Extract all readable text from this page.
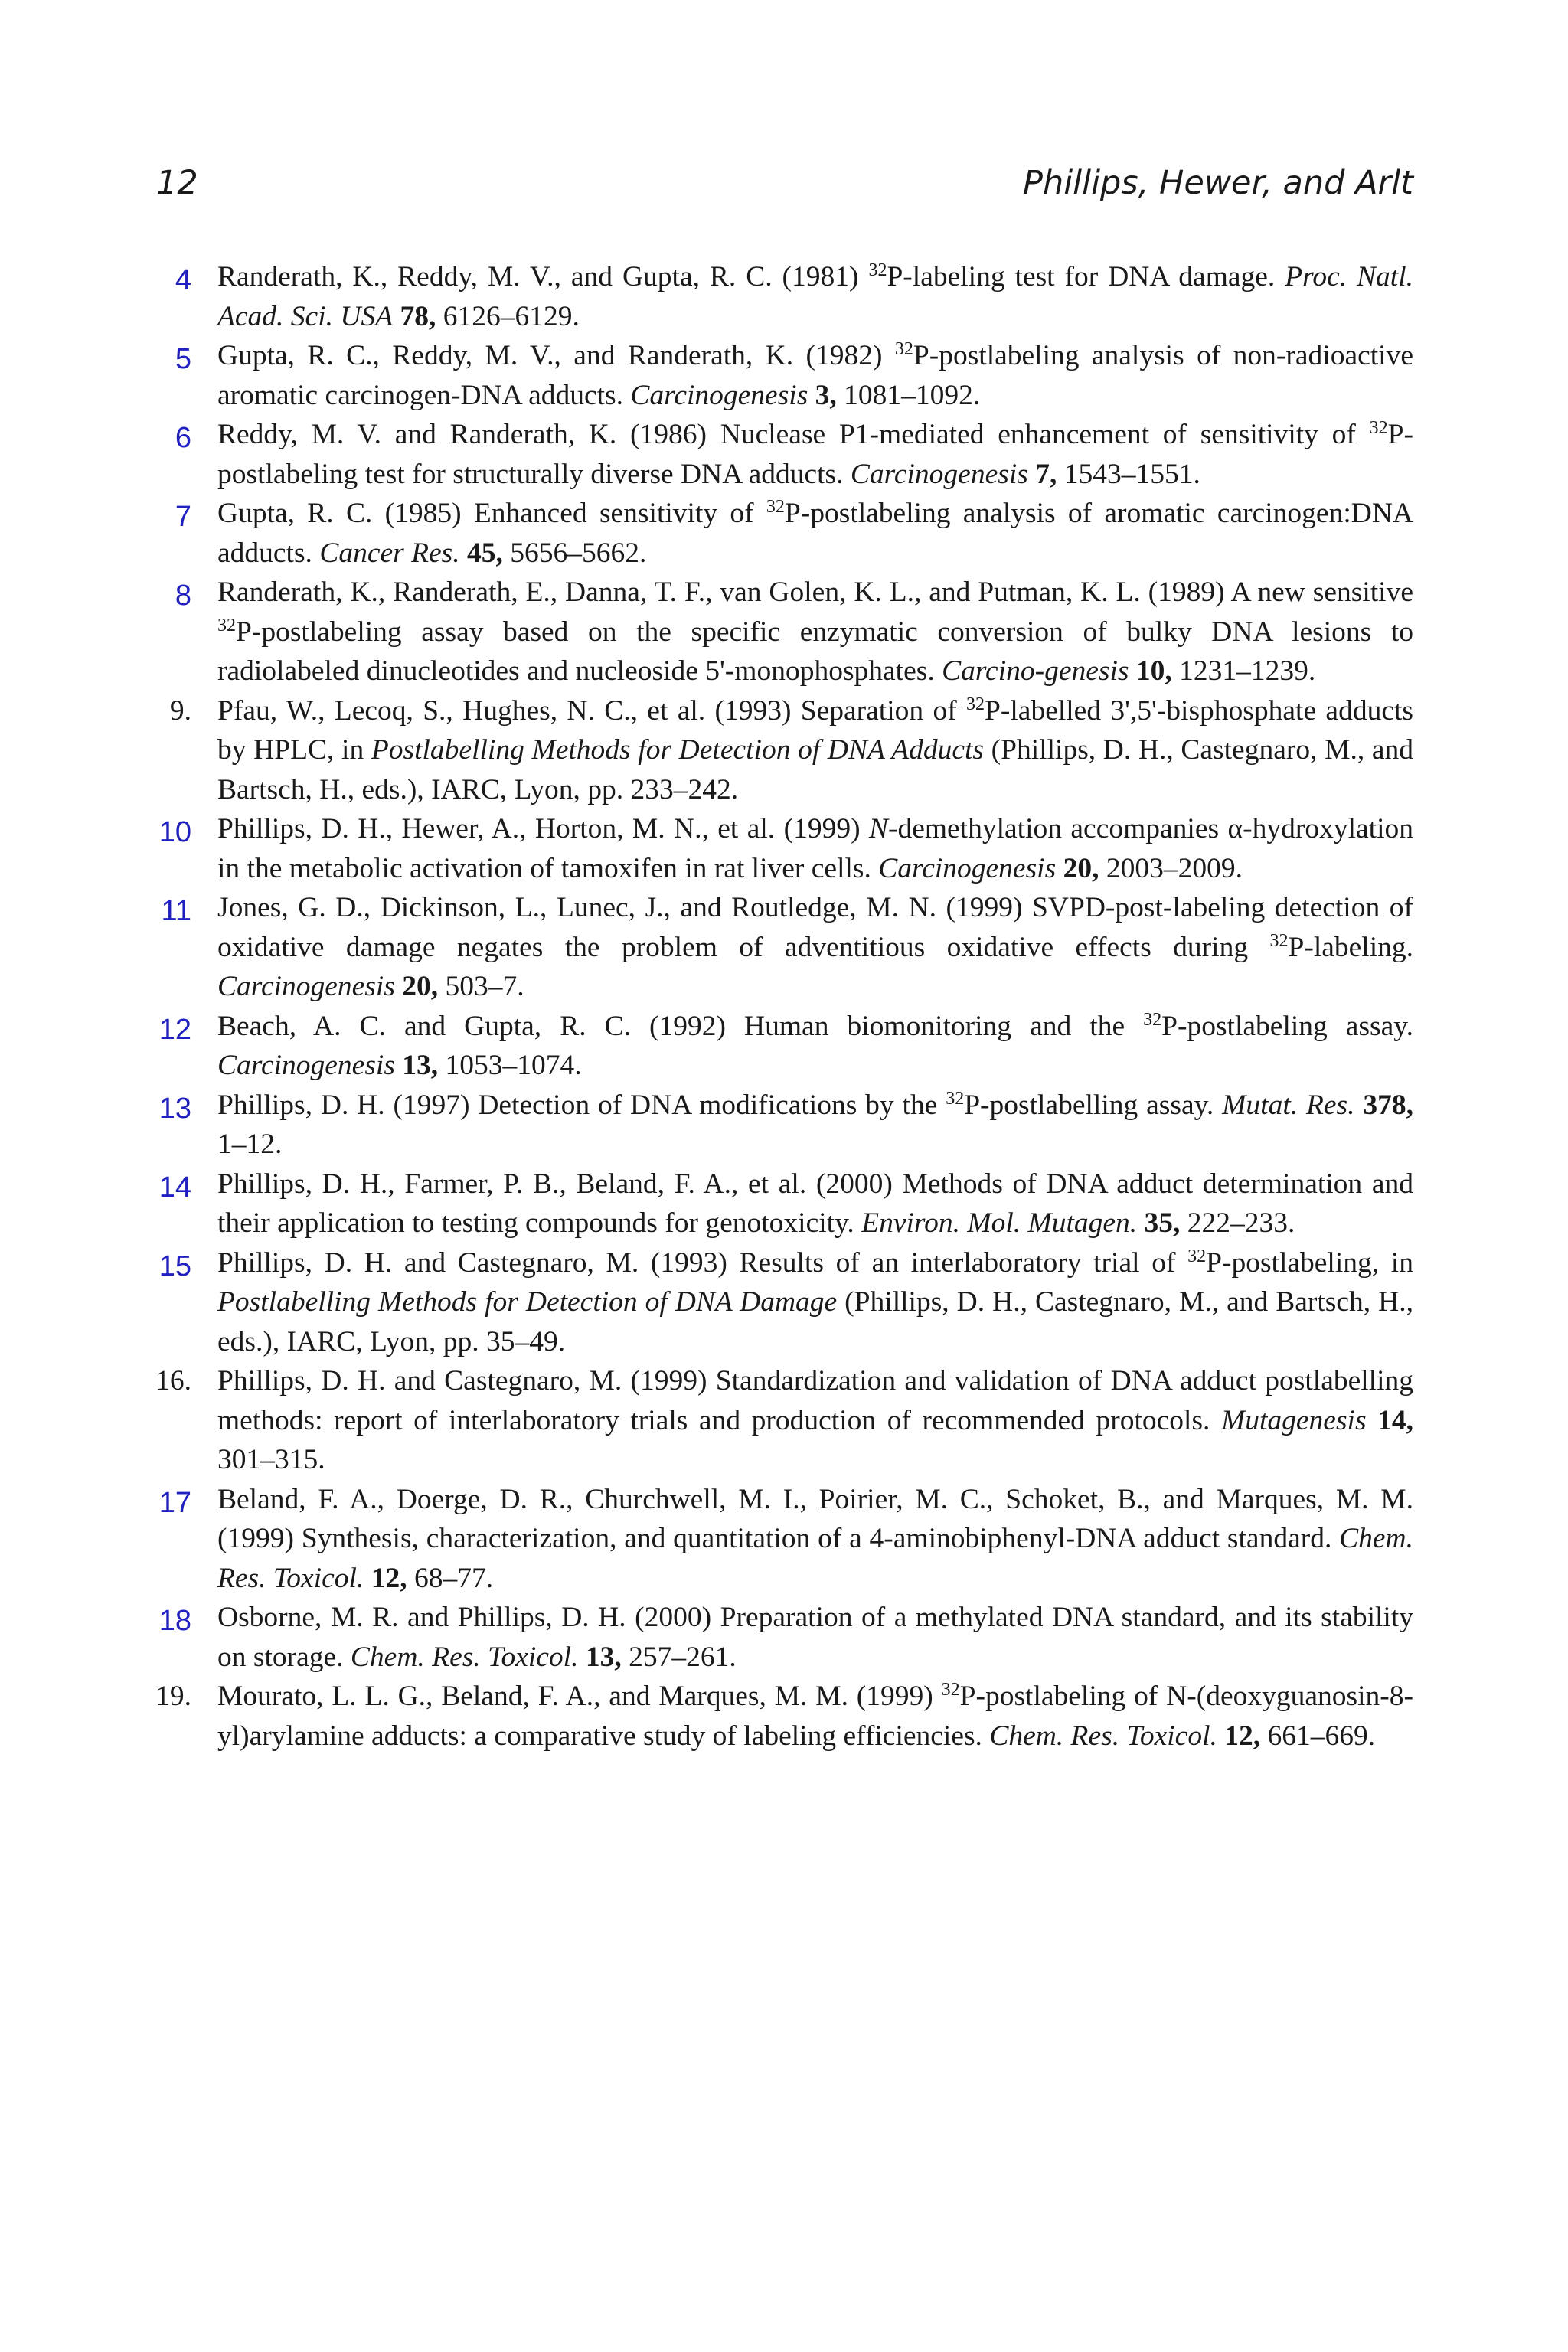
12	Phillips, Hewer, and Arlt
4 Randerath, K., Reddy, M. V., and Gupta, R. C. (1981) $^{32}$P-labeling test for DNA damage. Proc. Natl. Acad. Sci. USA 78, 6126–6129.
5 Gupta, R. C., Reddy, M. V., and Randerath, K. (1982) $^{32}$P-postlabeling analysis of non-radioactive aromatic carcinogen-DNA adducts. Carcinogenesis 3, 1081–1092.
6 Reddy, M. V. and Randerath, K. (1986) Nuclease P1-mediated enhancement of sensitivity of $^{32}$P-postlabeling test for structurally diverse DNA adducts. Carcinogenesis 7, 1543–1551.
7 Gupta, R. C. (1985) Enhanced sensitivity of $^{32}$P-postlabeling analysis of aromatic carcinogen:DNA adducts. Cancer Res. 45, 5656–5662.
8 Randerath, K., Randerath, E., Danna, T. F., van Golen, K. L., and Putman, K. L. (1989) A new sensitive $^{32}$P-postlabeling assay based on the specific enzymatic conversion of bulky DNA lesions to radiolabeled dinucleotides and nucleoside 5'-monophosphates. Carcino-genesis 10, 1231–1239.
9. Pfau, W., Lecoq, S., Hughes, N. C., et al. (1993) Separation of $^{32}$P-labelled 3',5'-bisphosphate adducts by HPLC, in Postlabelling Methods for Detection of DNA Adducts (Phillips, D. H., Castegnaro, M., and Bartsch, H., eds.), IARC, Lyon, pp. 233–242.
10 Phillips, D. H., Hewer, A., Horton, M. N., et al. (1999) N-demethylation accompanies α-hydroxylation in the metabolic activation of tamoxifen in rat liver cells. Carcinogenesis 20, 2003–2009.
11 Jones, G. D., Dickinson, L., Lunec, J., and Routledge, M. N. (1999) SVPD-post-labeling detection of oxidative damage negates the problem of adventitious oxidative effects during $^{32}$P-labeling. Carcinogenesis 20, 503–7.
12 Beach, A. C. and Gupta, R. C. (1992) Human biomonitoring and the $^{32}$P-postlabeling assay. Carcinogenesis 13, 1053–1074.
13 Phillips, D. H. (1997) Detection of DNA modifications by the $^{32}$P-postlabelling assay. Mutat. Res. 378, 1–12.
14 Phillips, D. H., Farmer, P. B., Beland, F. A., et al. (2000) Methods of DNA adduct determination and their application to testing compounds for genotoxicity. Environ. Mol. Mutagen. 35, 222–233.
15 Phillips, D. H. and Castegnaro, M. (1993) Results of an interlaboratory trial of $^{32}$P-postlabeling, in Postlabelling Methods for Detection of DNA Damage (Phillips, D. H., Castegnaro, M., and Bartsch, H., eds.), IARC, Lyon, pp. 35–49.
16. Phillips, D. H. and Castegnaro, M. (1999) Standardization and validation of DNA adduct postlabelling methods: report of interlaboratory trials and production of recommended protocols. Mutagenesis 14, 301–315.
17 Beland, F. A., Doerge, D. R., Churchwell, M. I., Poirier, M. C., Schoket, B., and Marques, M. M. (1999) Synthesis, characterization, and quantitation of a 4-aminobiphenyl-DNA adduct standard. Chem. Res. Toxicol. 12, 68–77.
18 Osborne, M. R. and Phillips, D. H. (2000) Preparation of a methylated DNA standard, and its stability on storage. Chem. Res. Toxicol. 13, 257–261.
19. Mourato, L. L. G., Beland, F. A., and Marques, M. M. (1999) $^{32}$P-postlabeling of N-(deoxyguanosin-8-yl)arylamine adducts: a comparative study of labeling efficiencies. Chem. Res. Toxicol. 12, 661–669.
